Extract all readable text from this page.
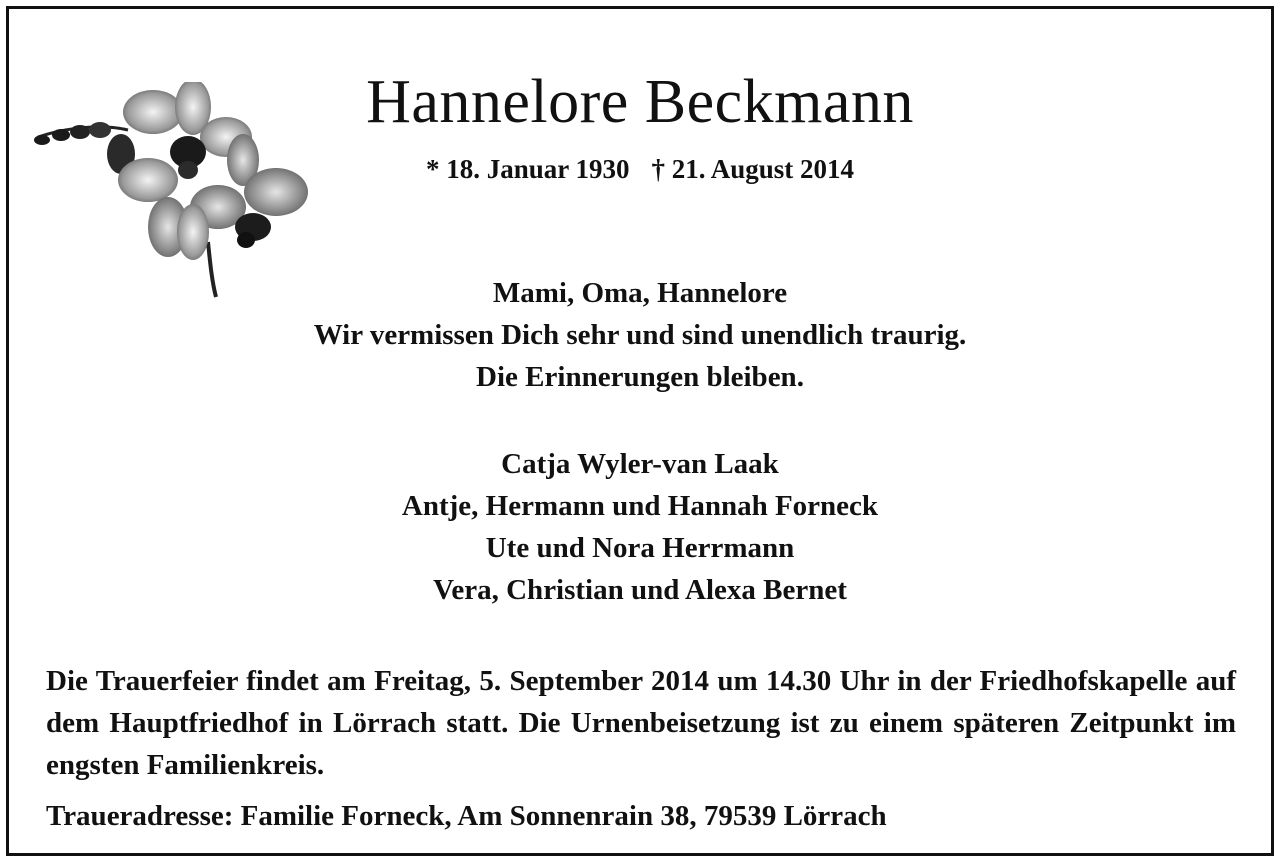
Hannelore Beckmann
* 18. Januar 1930 † 21. August 2014
Mami, Oma, Hannelore
Wir vermissen Dich sehr und sind unendlich traurig.
Die Erinnerungen bleiben.
Catja Wyler-van Laak
Antje, Hermann und Hannah Forneck
Ute und Nora Herrmann
Vera, Christian und Alexa Bernet
Die Trauerfeier findet am Freitag, 5. September 2014 um 14.30 Uhr in der Friedhofskapelle auf dem Hauptfriedhof in Lörrach statt. Die Urnenbeisetzung ist zu einem späteren Zeitpunkt im engsten Familienkreis.
Traueradresse: Familie Forneck, Am Sonnenrain 38, 79539 Lörrach
